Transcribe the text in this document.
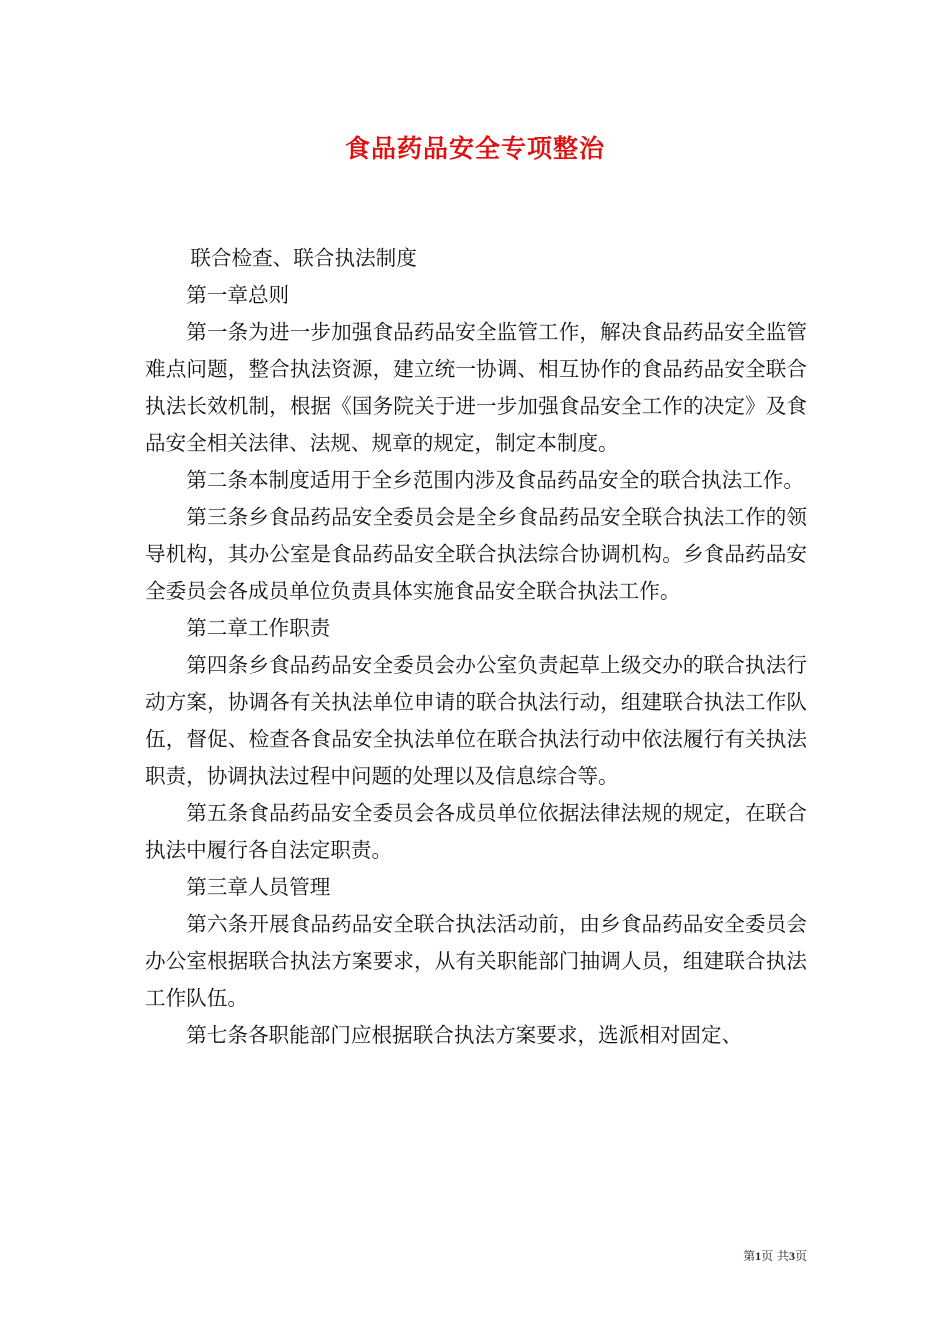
食品药品安全专项整治

联合检查、联合执法制度

第一章总则

第一条为进一步加强食品药品安全监管工作，解决食品药品安全监管难点问题，整合执法资源，建立统一协调、相互协作的食品药品安全联合执法长效机制，根据《国务院关于进一步加强食品安全工作的决定》及食品安全相关法律、法规、规章的规定，制定本制度。

第二条本制度适用于全乡范围内涉及食品药品安全的联合执法工作。

第三条乡食品药品安全委员会是全乡食品药品安全联合执法工作的领导机构，其办公室是食品药品安全联合执法综合协调机构。乡食品药品安全委员会各成员单位负责具体实施食品安全联合执法工作。

第二章工作职责

第四条乡食品药品安全委员会办公室负责起草上级交办的联合执法行动方案，协调各有关执法单位申请的联合执法行动，组建联合执法工作队伍，督促、检查各食品安全执法单位在联合执法行动中依法履行有关执法职责，协调执法过程中问题的处理以及信息综合等。

第五条食品药品安全委员会各成员单位依据法律法规的规定，在联合执法中履行各自法定职责。

第三章人员管理

第六条开展食品药品安全联合执法活动前，由乡食品药品安全委员会办公室根据联合执法方案要求，从有关职能部门抽调人员，组建联合执法工作队伍。

第七条各职能部门应根据联合执法方案要求，选派相对固定、

第1页 共3页
